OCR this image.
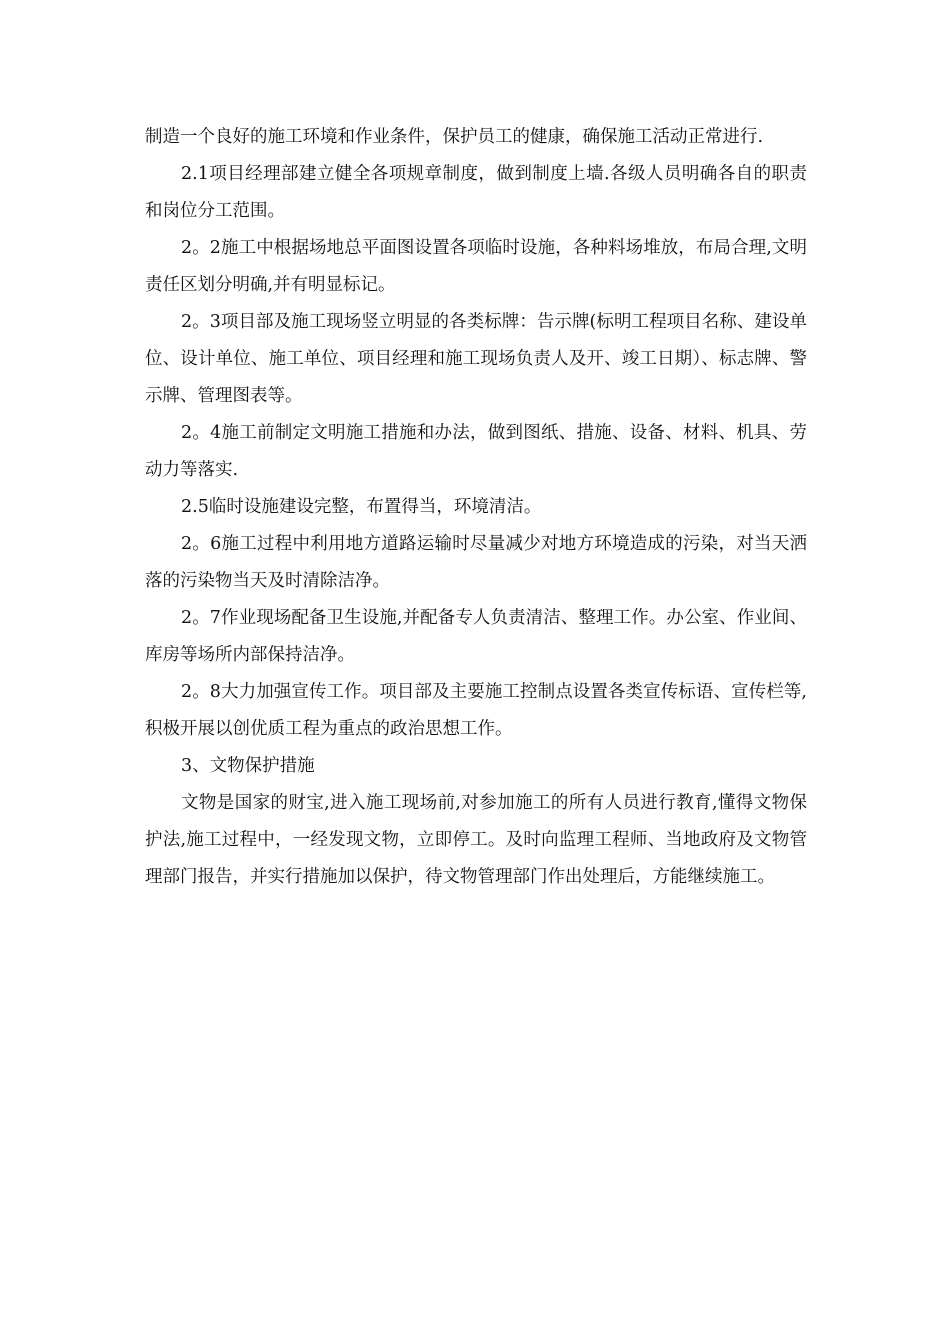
制造一个良好的施工环境和作业条件，保护员工的健康，确保施工活动正常进行.

2.1项目经理部建立健全各项规章制度，做到制度上墙.各级人员明确各自的职责和岗位分工范围。

2。2施工中根据场地总平面图设置各项临时设施，各种料场堆放，布局合理,文明责任区划分明确,并有明显标记。

2。3项目部及施工现场竖立明显的各类标牌：告示牌(标明工程项目名称、建设单位、设计单位、施工单位、项目经理和施工现场负责人及开、竣工日期）、标志牌、警示牌、管理图表等。

2。4施工前制定文明施工措施和办法，做到图纸、措施、设备、材料、机具、劳动力等落实.

2.5临时设施建设完整，布置得当，环境清洁。

2。6施工过程中利用地方道路运输时尽量减少对地方环境造成的污染，对当天洒落的污染物当天及时清除洁净。

2。7作业现场配备卫生设施,并配备专人负责清洁、整理工作。办公室、作业间、库房等场所内部保持洁净。

2。8大力加强宣传工作。项目部及主要施工控制点设置各类宣传标语、宣传栏等,积极开展以创优质工程为重点的政治思想工作。

3、文物保护措施

文物是国家的财宝,进入施工现场前,对参加施工的所有人员进行教育,懂得文物保护法,施工过程中，一经发现文物，立即停工。及时向监理工程师、当地政府及文物管理部门报告，并实行措施加以保护，待文物管理部门作出处理后，方能继续施工。
